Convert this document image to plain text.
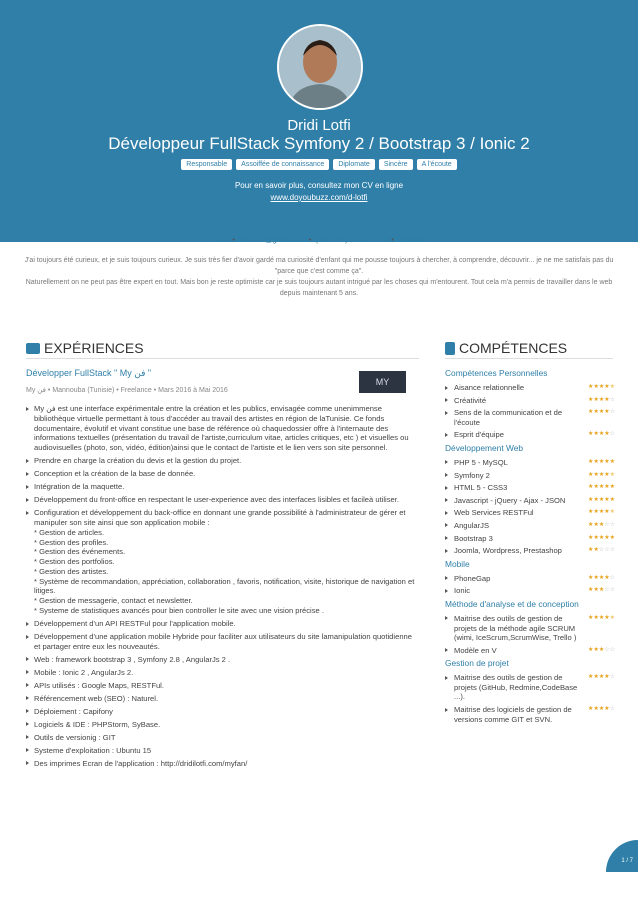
Dridi Lotfi
Développeur FullStack Symfony 2 / Bootstrap 3 / Ionic 2
Responsable	Assoiffée de connaissance	Diplomate	Sincère	A l'écoute
Pour en savoir plus, consultez mon CV en ligne
www.doyoubuzz.com/d-lotfi
25 ans • lotfi.dev@gmail.com • ( 00 216 ) 50 87 41 60 • ✆ lotfidev
J'ai toujours été curieux, et je suis toujours curieux. Je suis très fier d'avoir gardé ma curiosité d'enfant qui me pousse toujours à chercher, à comprendre, découvrir... je ne me satisfais pas du "parce que c'est comme ça".
Naturellement on ne peut pas être expert en tout. Mais bon je reste optimiste car je suis toujours autant intrigué par les choses qui m'entourent. Tout cela m'a permis de travailler dans le web depuis maintenant 5 ans.
EXPÉRIENCES	COMPÉTENCES
MY
Développer FullStack " My فن "
My فن • Mannouba (Tunisie) • Freelance • Mars 2016 à Mai 2016
My فن est une interface expérimentale entre la création et les publics, envisagée comme unenimmense bibliothèque virtuelle permettant à tous d'accéder au travail des artistes en région de laTunisie. Ce fonds documentaire, évolutif et vivant constitue une base de référence où chaquedossier offre à l'internaute des informations textuelles (présentation du travail de l'artiste,curriculum vitae, articles critiques, etc ) et visuelles ou audiovisuelles (photo, son, vidéo, édition)ainsi que le contact de l'artiste et le lien vers son site personnel.
Prendre en charge la création du devis et la gestion du projet.
Conception et la création de la base de donnée.
Intégration de la maquette.
Développement du front-office en respectant le user-experience avec des interfaces lisibles et facileà utiliser.
Configuration et développement du back-office en donnant une grande possibilité à l'administrateur de gérer et manipuler son site ainsi que son application mobile :
* Gestion de articles.
* Gestion des profiles.
* Gestion des événements.
* Gestion des portfolios.
* Gestion des artistes.
* Système de recommandation, appréciation, collaboration , favoris, notification, visite, historique de navigation et litiges.
* Gestion de messagerie, contact et newsletter.
* Systeme de statistiques avancés pour bien controller le site avec une vision précise .
Développement d'un API RESTFul pour l'application mobile.
Développement d'une application mobile Hybride pour faciliter aux utilisateurs du site lamanipulation quotidienne et partager entre eux les nouveautés.
Web : framework bootstrap 3 , Symfony 2.8 , AngularJs 2 .
Mobile : Ionic 2 , AngularJs 2.
APIs utilisés : Google Maps, RESTFul.
Référencement web (SEO) : Naturel.
Déploiement : Capifony
Logiciels & IDE : PHPStorm, SyBase.
Outils de versionig : GIT
Systeme d'exploitation : Ubuntu 15
Des imprimes Ecran de l'application : http://dridilotfi.com/myfan/
Compétences Personnelles
Aisance relationnelle	★★★★★
Créativité	★★★★☆
Sens de la communication et de l'écoute
★★★★☆
Esprit d'équipe	★★★★☆
Développement Web
PHP 5 - MySQL	★★★★★
Symfony 2	★★★★★
HTML 5 - CSS3	★★★★★
Javascript - jQuery - Ajax - JSON	★★★★★
Web Services RESTFul	★★★★★
AngularJS	★★★☆☆
Bootstrap 3	★★★★★
Joomla, Wordpress, Prestashop	★★☆☆☆
Mobile
PhoneGap	★★★★☆
Ionic	★★★☆☆
Méthode d'analyse et de conception
Maitrise des outils de gestion de projets de la méthode agile SCRUM (wimi, IceScrum,ScrumWise, Trello )
★★★★★
Modèle en V	★★★☆☆
Gestion de projet
Maitrise des outils de gestion de projets (GitHub, Redmine,CodeBase ...).
★★★★☆
Maitrise des logiciels de gestion de versions comme GIT et SVN.
★★★★☆
1 / 7
